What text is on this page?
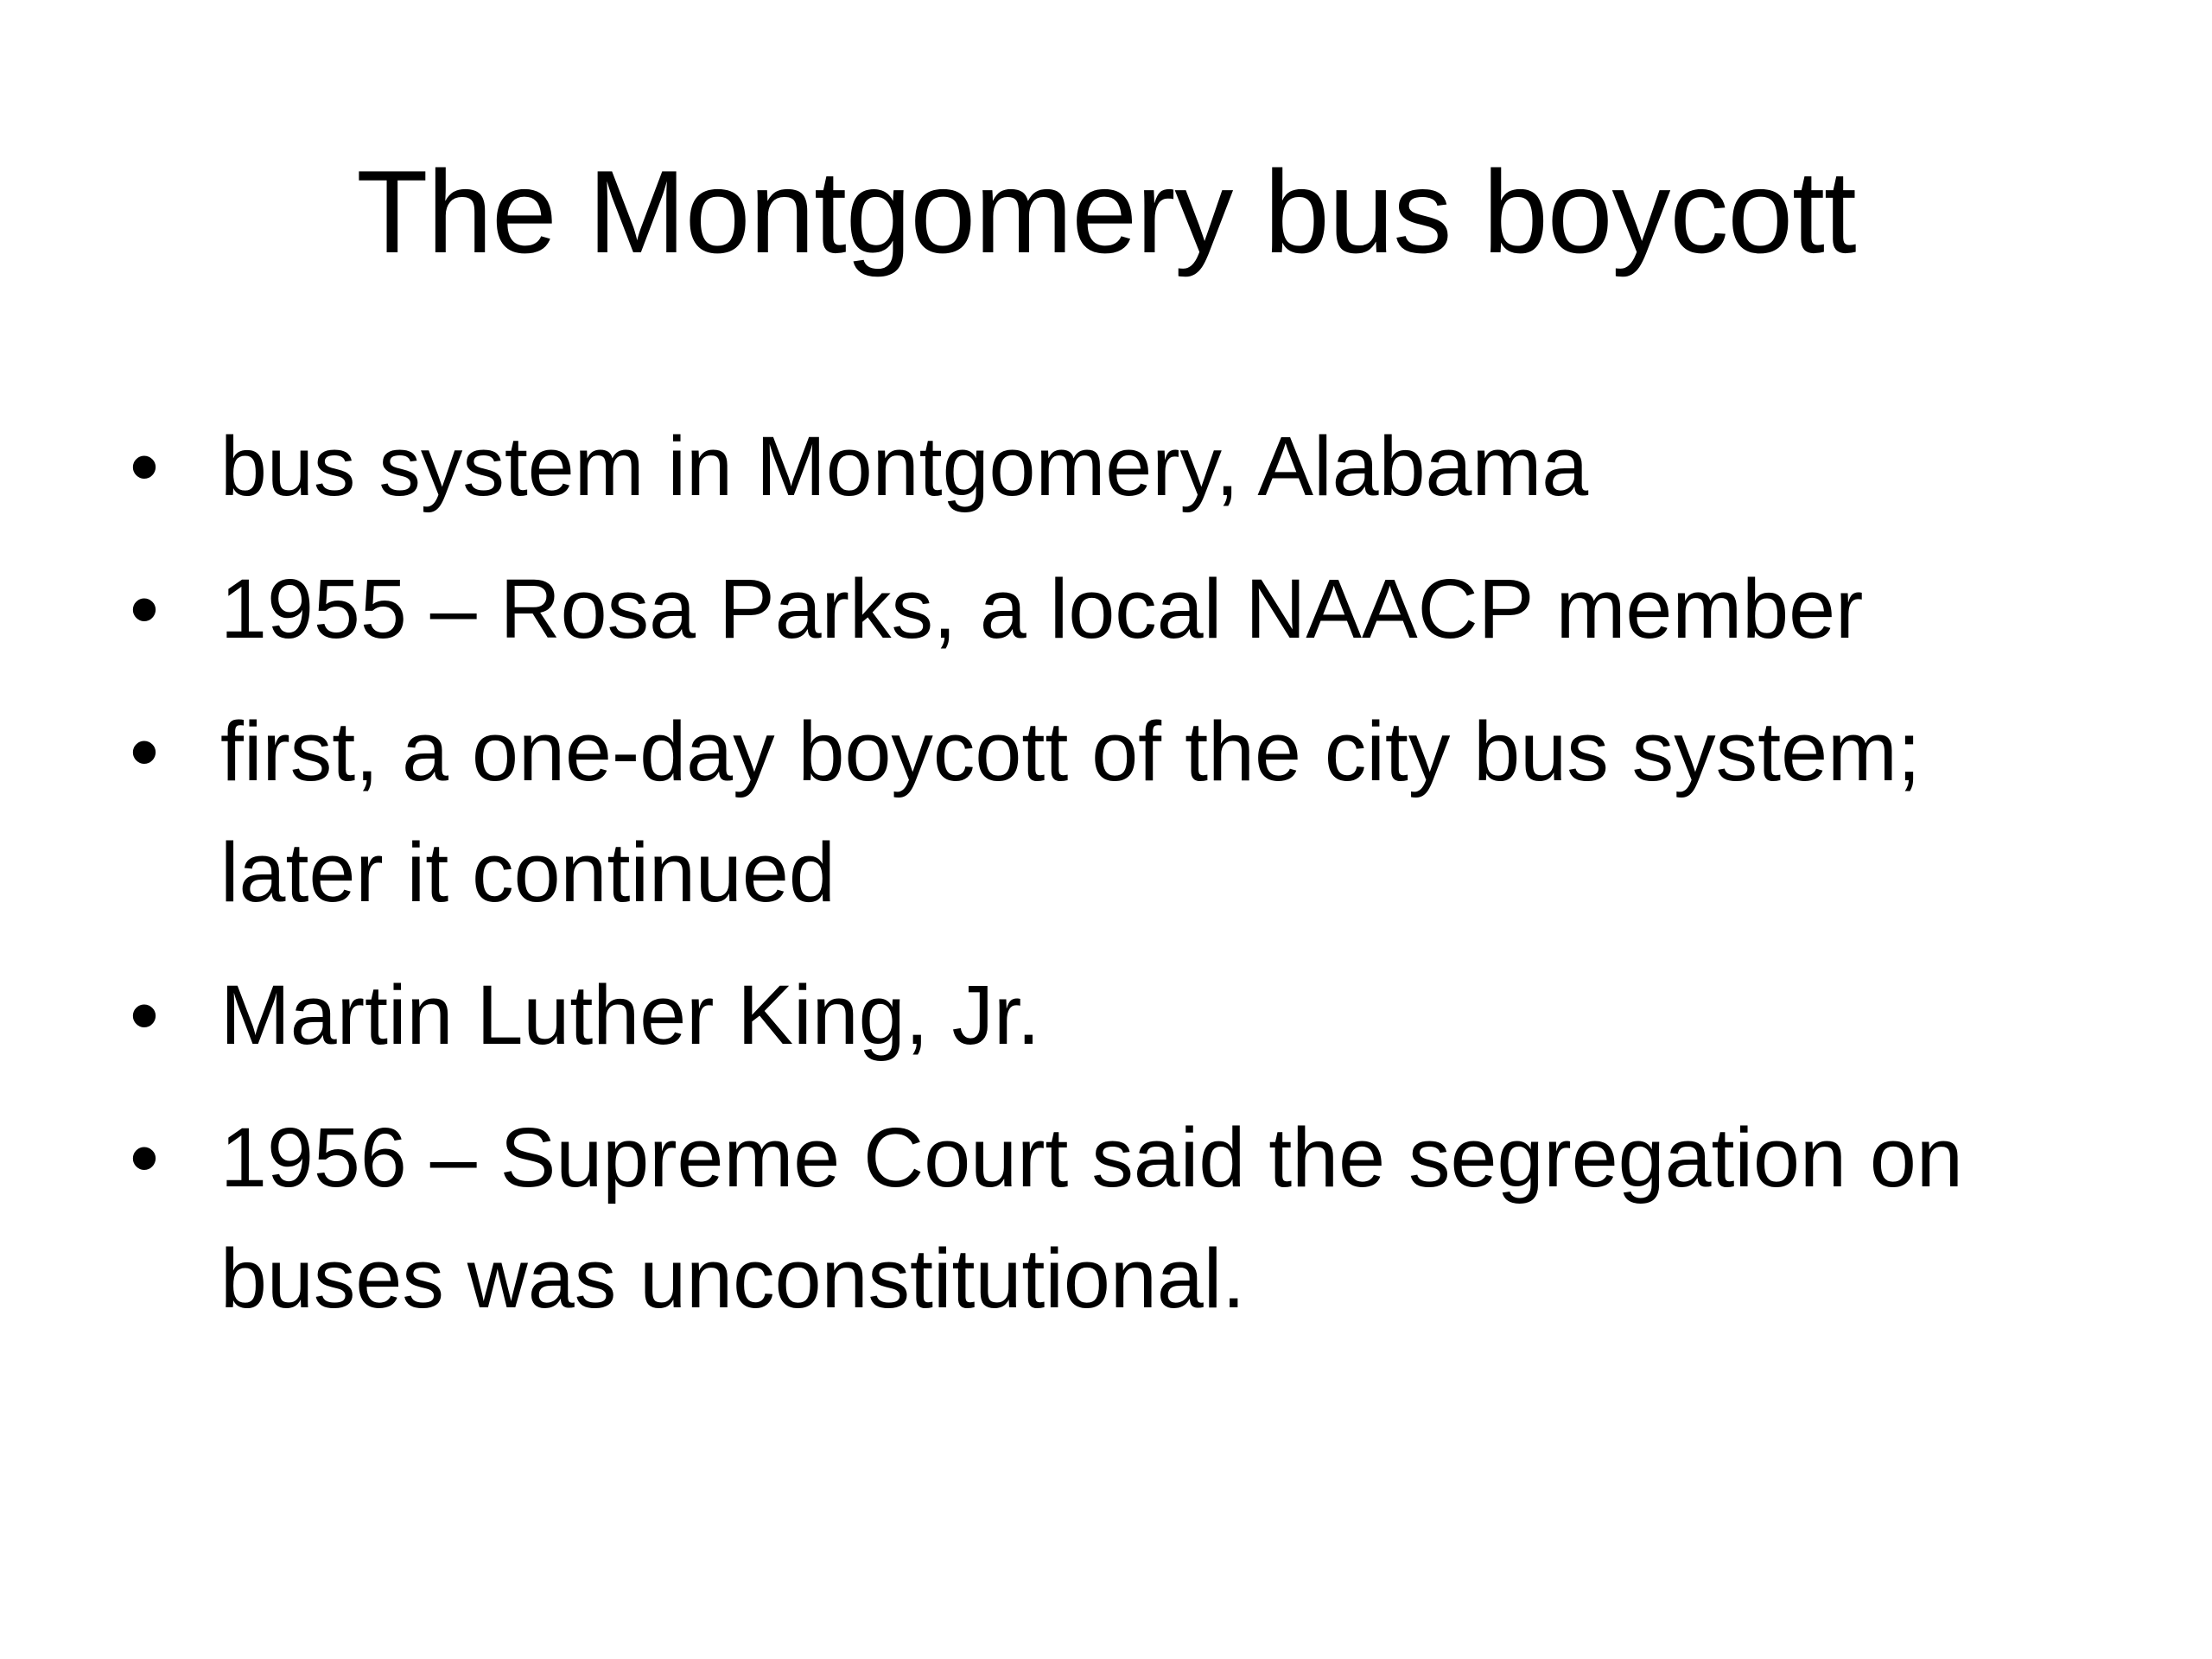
The Montgomery bus boycott
• bus system in Montgomery, Alabama
• 1955 – Rosa Parks, a local NAACP member
• first, a one-day boycott of the city bus system; later it continued
• Martin Luther King, Jr.
• 1956 – Supreme Court said the segregation on buses was unconstitutional.
